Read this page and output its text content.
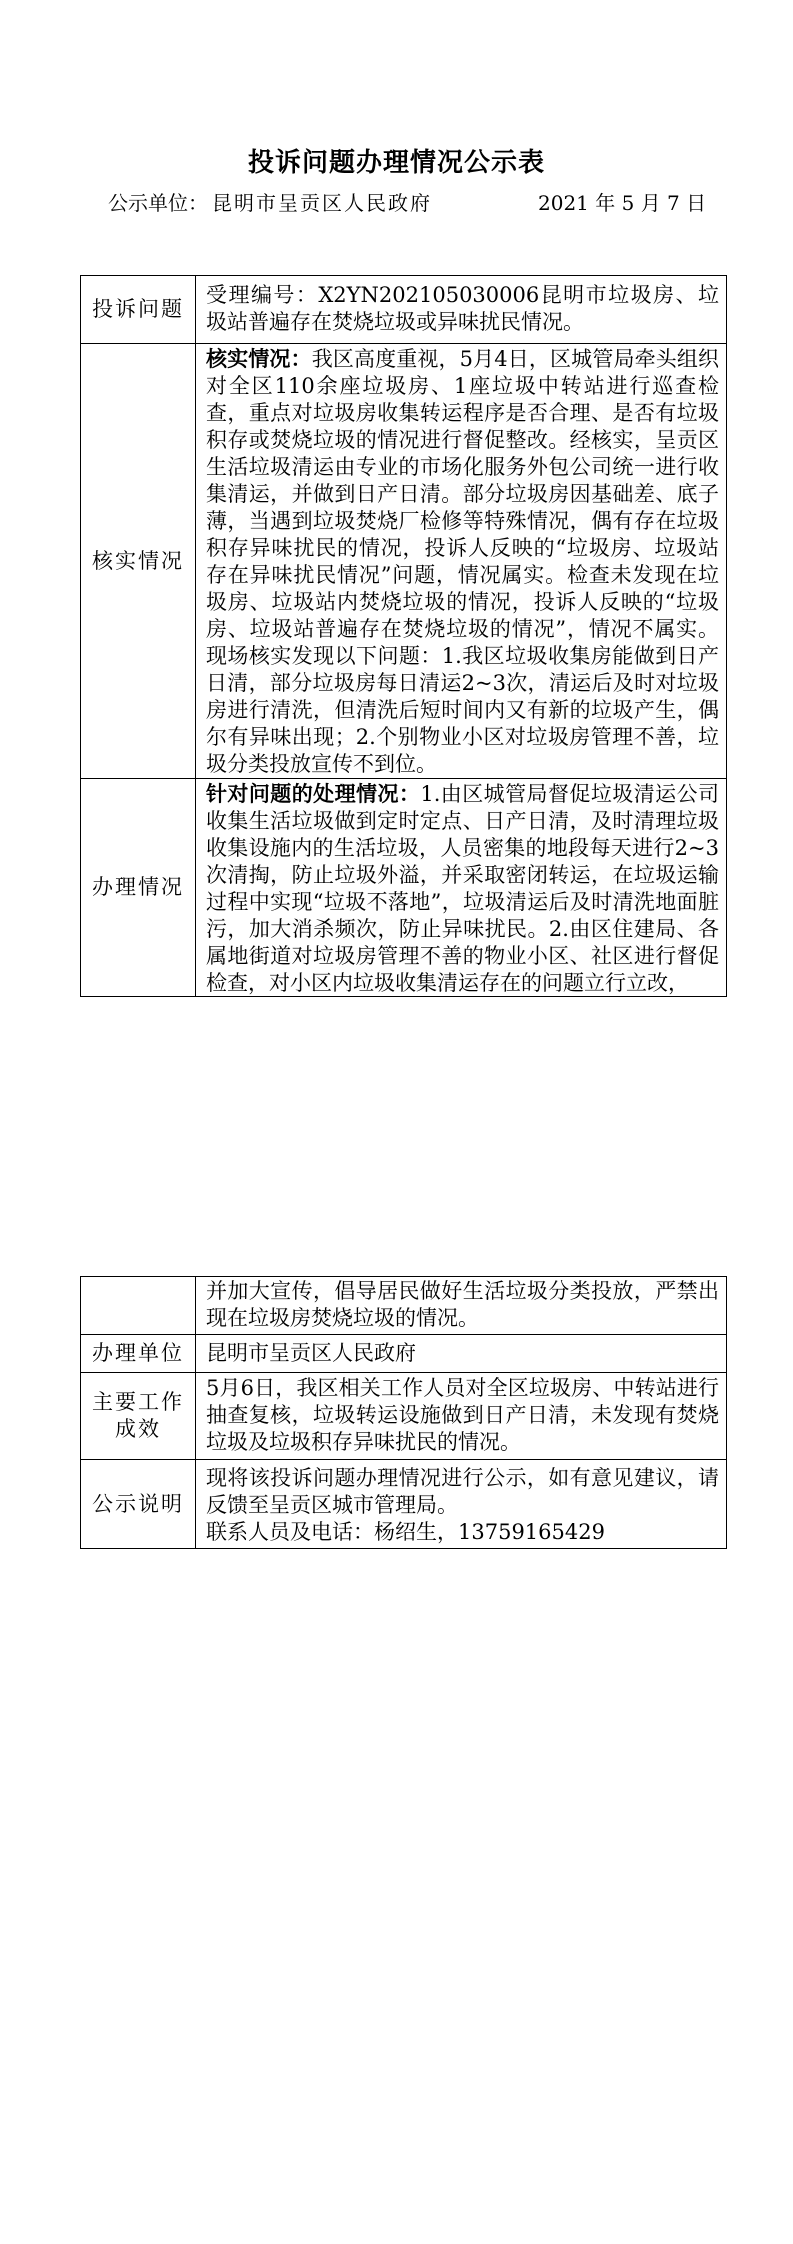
投诉问题办理情况公示表
公示单位： 昆明市呈贡区人民政府	2021 年 5 月 7 日
投诉问题	受理编号：X2YN202105030006昆明市垃圾房、垃圾站普遍存在焚烧垃圾或异味扰民情况。

核实情况	核实情况：我区高度重视，5月4日，区城管局牵头组织对全区110余座垃圾房、1座垃圾中转站进行巡查检查，重点对垃圾房收集转运程序是否合理、是否有垃圾积存或焚烧垃圾的情况进行督促整改。经核实，呈贡区生活垃圾清运由专业的市场化服务外包公司统一进行收集清运，并做到日产日清。部分垃圾房因基础差、底子薄，当遇到垃圾焚烧厂检修等特殊情况，偶有存在垃圾积存异味扰民的情况，投诉人反映的“垃圾房、垃圾站存在异味扰民情况”问题，情况属实。检查未发现在垃圾房、垃圾站内焚烧垃圾的情况，投诉人反映的“垃圾房、垃圾站普遍存在焚烧垃圾的情况”，情况不属实。现场核实发现以下问题：1.我区垃圾收集房能做到日产日清，部分垃圾房每日清运2~3次，清运后及时对垃圾房进行清洗，但清洗后短时间内又有新的垃圾产生，偶尔有异味出现；2.个别物业小区对垃圾房管理不善，垃圾分类投放宣传不到位。

办理情况	针对问题的处理情况：1.由区城管局督促垃圾清运公司收集生活垃圾做到定时定点、日产日清，及时清理垃圾收集设施内的生活垃圾，人员密集的地段每天进行2~3次清掏，防止垃圾外溢，并采取密闭转运，在垃圾运输过程中实现“垃圾不落地”，垃圾清运后及时清洗地面脏污，加大消杀频次，防止异味扰民。2.由区住建局、各属地街道对垃圾房管理不善的物业小区、社区进行督促检查，对小区内垃圾收集清运存在的问题立行立改，

	并加大宣传，倡导居民做好生活垃圾分类投放，严禁出现在垃圾房焚烧垃圾的情况。

办理单位	昆明市呈贡区人民政府

主要工作成效	5月6日，我区相关工作人员对全区垃圾房、中转站进行抽查复核，垃圾转运设施做到日产日清，未发现有焚烧垃圾及垃圾积存异味扰民的情况。

公示说明	现将该投诉问题办理情况进行公示，如有意见建议，请反馈至呈贡区城市管理局。
联系人员及电话：杨绍生，13759165429
